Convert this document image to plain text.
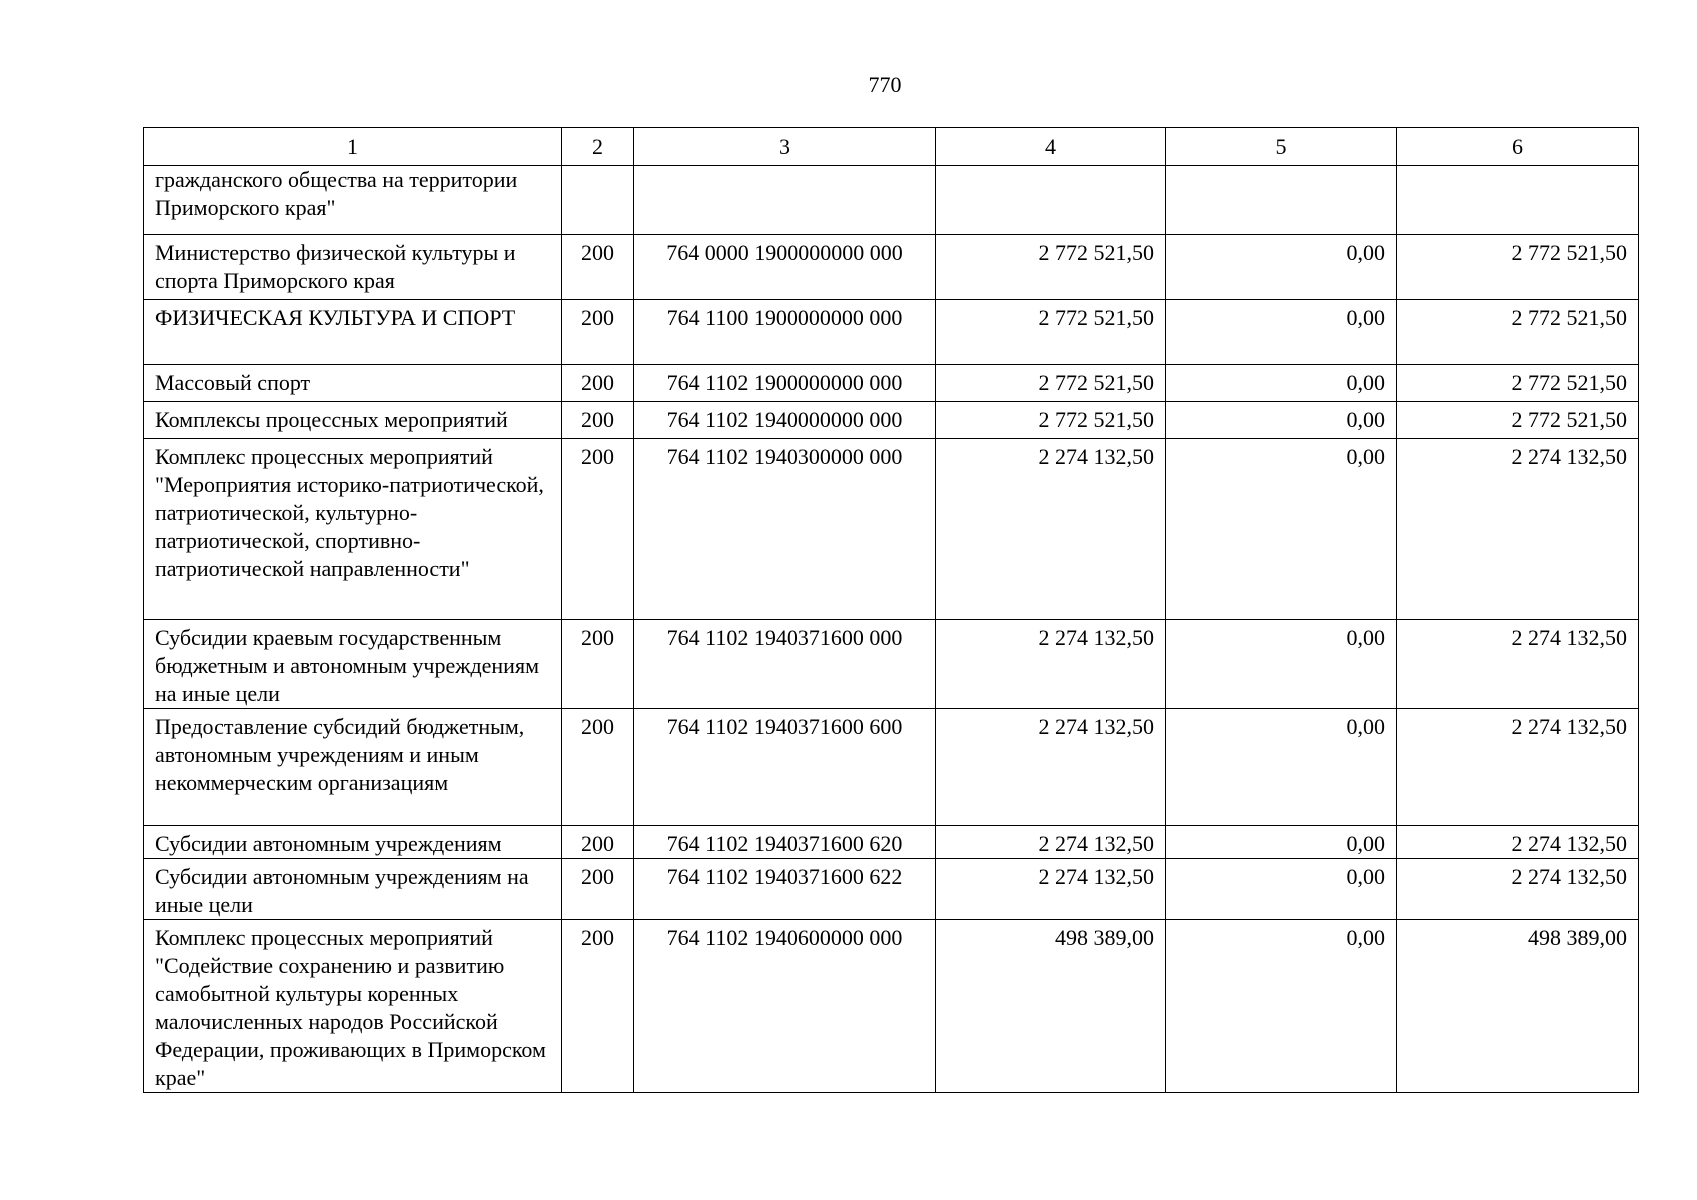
770
1	2	3	4	5	6
гражданского общества на территории Приморского края"					
Министерство физической культуры и спорта Приморского края	200	764 0000 1900000000 000	2 772 521,50	0,00	2 772 521,50
ФИЗИЧЕСКАЯ КУЛЬТУРА И СПОРТ	200	764 1100 1900000000 000	2 772 521,50	0,00	2 772 521,50
Массовый спорт	200	764 1102 1900000000 000	2 772 521,50	0,00	2 772 521,50
Комплексы процессных мероприятий	200	764 1102 1940000000 000	2 772 521,50	0,00	2 772 521,50
Комплекс процессных мероприятий "Мероприятия историко-патриотической, патриотической, культурно-патриотической, спортивно-патриотической направленности"	200	764 1102 1940300000 000	2 274 132,50	0,00	2 274 132,50
Субсидии краевым государственным бюджетным и автономным учреждениям на иные цели	200	764 1102 1940371600 000	2 274 132,50	0,00	2 274 132,50
Предоставление субсидий бюджетным, автономным учреждениям и иным некоммерческим организациям	200	764 1102 1940371600 600	2 274 132,50	0,00	2 274 132,50
Субсидии автономным учреждениям	200	764 1102 1940371600 620	2 274 132,50	0,00	2 274 132,50
Субсидии автономным учреждениям на иные цели	200	764 1102 1940371600 622	2 274 132,50	0,00	2 274 132,50
Комплекс процессных мероприятий "Содействие сохранению и развитию самобытной культуры коренных малочисленных народов Российской Федерации, проживающих в Приморском крае"	200	764 1102 1940600000 000	498 389,00	0,00	498 389,00
